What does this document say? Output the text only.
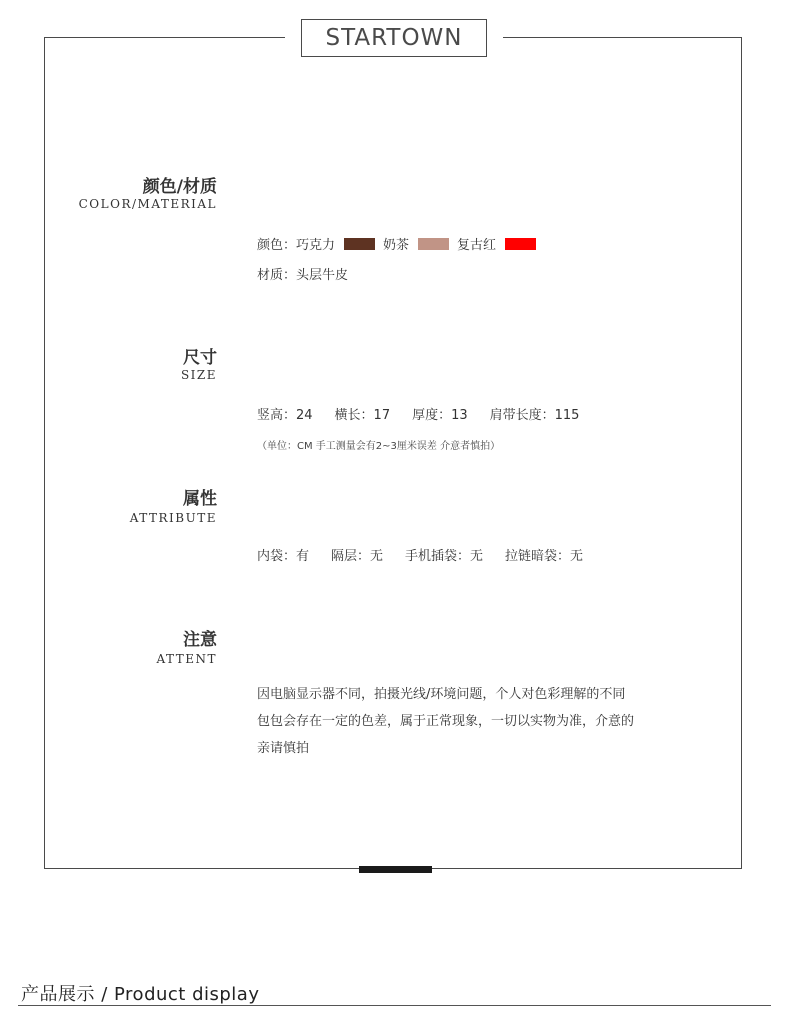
STARTOWN
颜色/材质
COLOR/MATERIAL
颜色：巧克力	奶茶	复古红
材质：头层牛皮
尺寸
SIZE
竖高：24 横长：17 厚度：13 肩带长度：115
（单位：CM 手工测量会有2~3厘米误差 介意者慎拍）
属性
ATTRIBUTE
内袋：有 隔层：无 手机插袋：无 拉链暗袋：无
注意
ATTENT
因电脑显示器不同，拍摄光线/环境问题，个人对色彩理解的不同
包包会存在一定的色差，属于正常现象，一切以实物为准，介意的
亲请慎拍
产品展示 / Product display
